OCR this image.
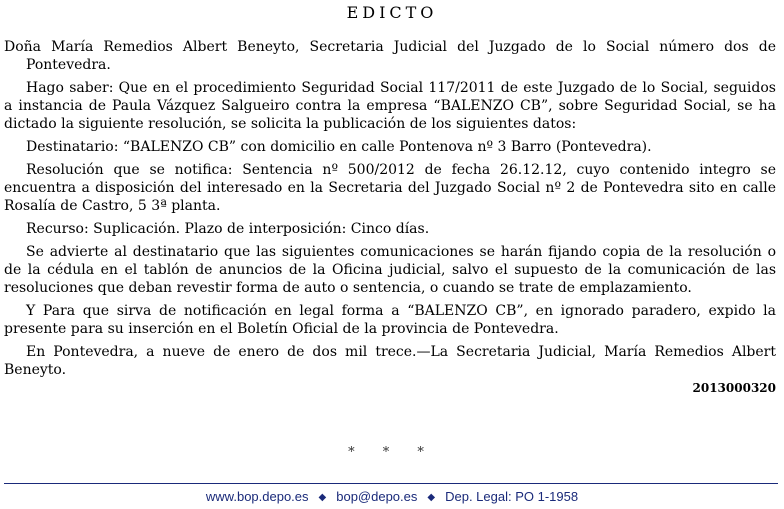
EDICTO

Doña María Remedios Albert Beneyto, Secretaria Judicial del Juzgado de lo Social número dos de Pontevedra.

Hago saber: Que en el procedimiento Seguridad Social 117/2011 de este Juzgado de lo Social, seguidos a instancia de Paula Vázquez Salgueiro contra la empresa “BALENZO CB”, sobre Seguridad Social, se ha dictado la siguiente resolución, se solicita la publicación de los siguientes datos:

Destinatario: “BALENZO CB” con domicilio en calle Pontenova nº 3 Barro (Pontevedra).

Resolución que se notifica: Sentencia nº 500/2012 de fecha 26.12.12, cuyo contenido integro se encuentra a disposición del interesado en la Secretaria del Juzgado Social nº 2 de Pontevedra sito en calle Rosalía de Castro, 5 3ª planta.

Recurso: Suplicación. Plazo de interposición: Cinco días.

Se advierte al destinatario que las siguientes comunicaciones se harán fijando copia de la resolución o de la cédula en el tablón de anuncios de la Oficina judicial, salvo el supuesto de la comunicación de las resoluciones que deban revestir forma de auto o sentencia, o cuando se trate de emplazamiento.

Y Para que sirva de notificación en legal forma a “BALENZO CB”, en ignorado paradero, expido la presente para su inserción en el Boletín Oficial de la provincia de Pontevedra.

En Pontevedra, a nueve de enero de dos mil trece.—La Secretaria Judicial, María Remedios Albert Beneyto.

2013000320
* * *
www.bop.depo.es ◆ bop@depo.es ◆ Dep. Legal: PO 1-1958
